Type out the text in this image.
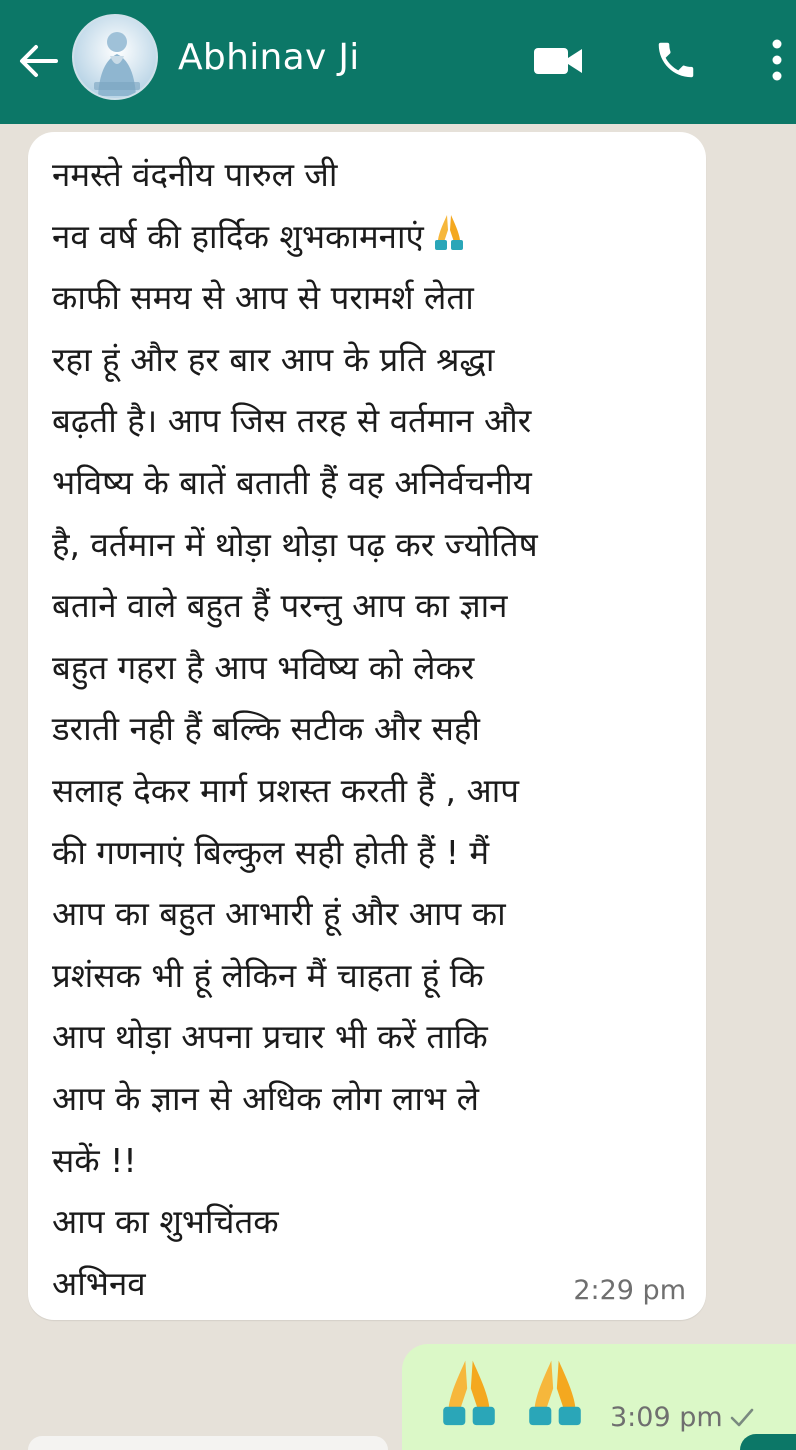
Abhinav Ji
नमस्ते वंदनीय पारुल जी
नव वर्ष की हार्दिक शुभकामनाएं
काफी समय से आप से परामर्श लेता
रहा हूं और हर बार आप के प्रति श्रद्धा
बढ़ती है। आप जिस तरह से वर्तमान और
भविष्य के बातें बताती हैं वह अनिर्वचनीय
है, वर्तमान में थोड़ा थोड़ा पढ़ कर ज्योतिष
बताने वाले बहुत हैं परन्तु आप का ज्ञान
बहुत गहरा है आप भविष्य को लेकर
डराती नही हैं बल्कि सटीक और सही
सलाह देकर मार्ग प्रशस्त करती हैं , आप
की गणनाएं बिल्कुल सही होती हैं ! मैं
आप का बहुत आभारी हूं और आप का
प्रशंसक भी हूं लेकिन मैं चाहता हूं कि
आप थोड़ा अपना प्रचार भी करें ताकि
आप के ज्ञान से अधिक लोग लाभ ले
सकें !!
आप का शुभचिंतक
अभिनव	2:29 pm
3:09 pm
